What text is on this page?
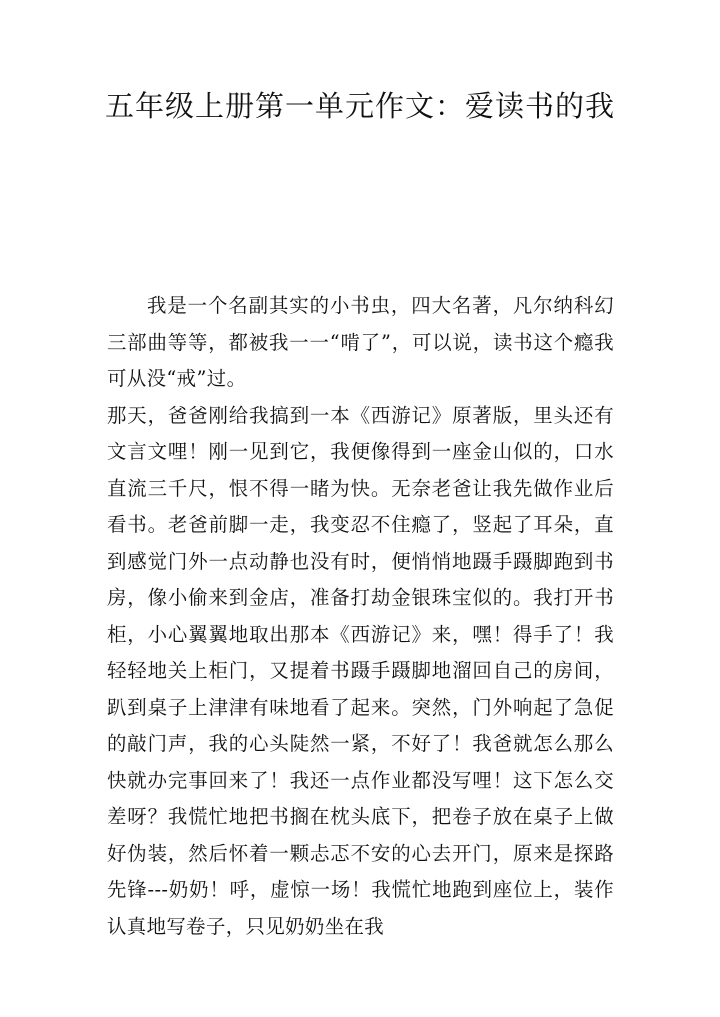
五年级上册第一单元作文：爱读书的我

我是一个名副其实的小书虫，四大名著，凡尔纳科幻三部曲等等，都被我一一“啃了”，可以说，读书这个瘾我可从没“戒”过。

那天，爸爸刚给我搞到一本《西游记》原著版，里头还有文言文哩！刚一见到它，我便像得到一座金山似的，口水直流三千尺，恨不得一睹为快。无奈老爸让我先做作业后看书。老爸前脚一走，我变忍不住瘾了，竖起了耳朵，直到感觉门外一点动静也没有时，便悄悄地蹑手蹑脚跑到书房，像小偷来到金店，准备打劫金银珠宝似的。我打开书柜，小心翼翼地取出那本《西游记》来，嘿！得手了！我轻轻地关上柜门，又提着书蹑手蹑脚地溜回自己的房间，趴到桌子上津津有味地看了起来。突然，门外响起了急促的敲门声，我的心头陡然一紧，不好了！我爸就怎么那么快就办完事回来了！我还一点作业都没写哩！这下怎么交差呀？我慌忙地把书搁在枕头底下，把卷子放在桌子上做好伪装，然后怀着一颗忐忑不安的心去开门，原来是探路先锋---奶奶！呼，虚惊一场！我慌忙地跑到座位上，装作认真地写卷子，只见奶奶坐在我
